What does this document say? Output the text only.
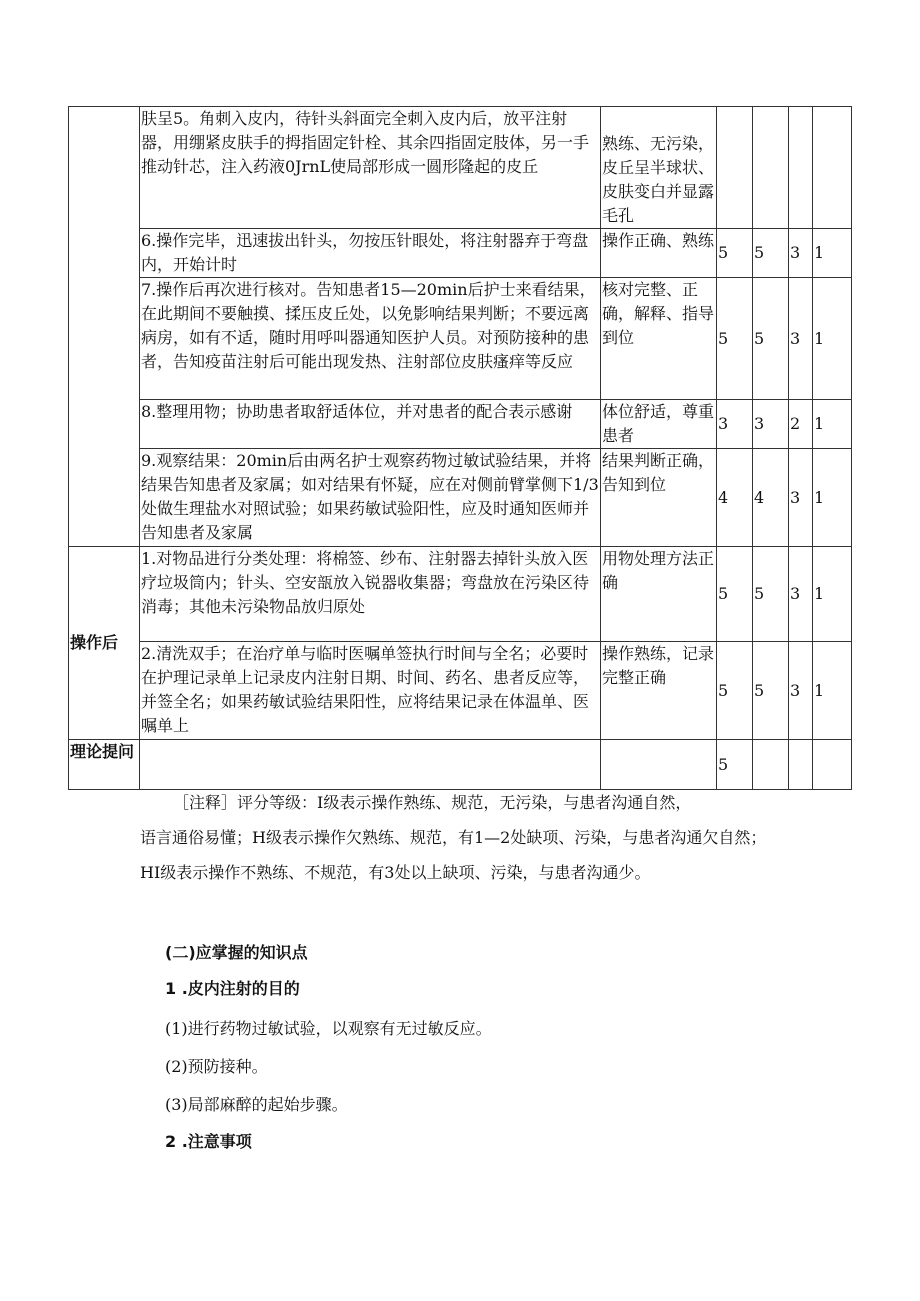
	肤呈5。角刺入皮内，待针头斜面完全刺入皮内后，放平注射器，用绷紧皮肤手的拇指固定针栓、其余四指固定肢体，另一手推动针芯，注入药液0JrnL使局部形成一圆形隆起的皮丘	熟练、无污染，皮丘呈半球状、皮肤变白并显露毛孔				
	6.操作完毕，迅速拔出针头，勿按压针眼处，将注射器弃于弯盘内，开始计时	操作正确、熟练	5	5	3	1
	7.操作后再次进行核对。告知患者15—20min后护士来看结果，在此期间不要触摸、揉压皮丘处，以免影响结果判断；不要远离病房，如有不适，随时用呼叫器通知医护人员。对预防接种的患者，告知疫苗注射后可能出现发热、注射部位皮肤瘙痒等反应	核对完整、正确，解释、指导到位	5	5	3	1
	8.整理用物；协助患者取舒适体位，并对患者的配合表示感谢	体位舒适，尊重患者	3	3	2	1
	9.观察结果：20min后由两名护士观察药物过敏试验结果，并将结果告知患者及家属；如对结果有怀疑，应在对侧前臂掌侧下1/3处做生理盐水对照试验；如果药敏试验阳性，应及时通知医师并告知患者及家属	结果判断正确，告知到位	4	4	3	1
操作后	1.对物品进行分类处理：将棉签、纱布、注射器去掉针头放入医疗垃圾筒内；针头、空安瓿放入锐器收集器；弯盘放在污染区待消毒；其他未污染物品放归原处	用物处理方法正确	5	5	3	1
	2.清洗双手；在治疗单与临时医嘱单签执行时间与全名；必要时在护理记录单上记录皮内注射日期、时间、药名、患者反应等，并签全名；如果药敏试验结果阳性，应将结果记录在体温单、医嘱单上	操作熟练，记录完整正确	5	5	3	1
理论提问			5			
［注释］评分等级：I级表示操作熟练、规范，无污染，与患者沟通自然，
语言通俗易懂；H级表示操作欠熟练、规范，有1—2处缺项、污染，与患者沟通欠自然；
HI级表示操作不熟练、不规范，有3处以上缺项、污染，与患者沟通少。
(二)应掌握的知识点
1 .皮内注射的目的
(1)进行药物过敏试验，以观察有无过敏反应。
(2)预防接种。
(3)局部麻醉的起始步骤。
2 .注意事项
